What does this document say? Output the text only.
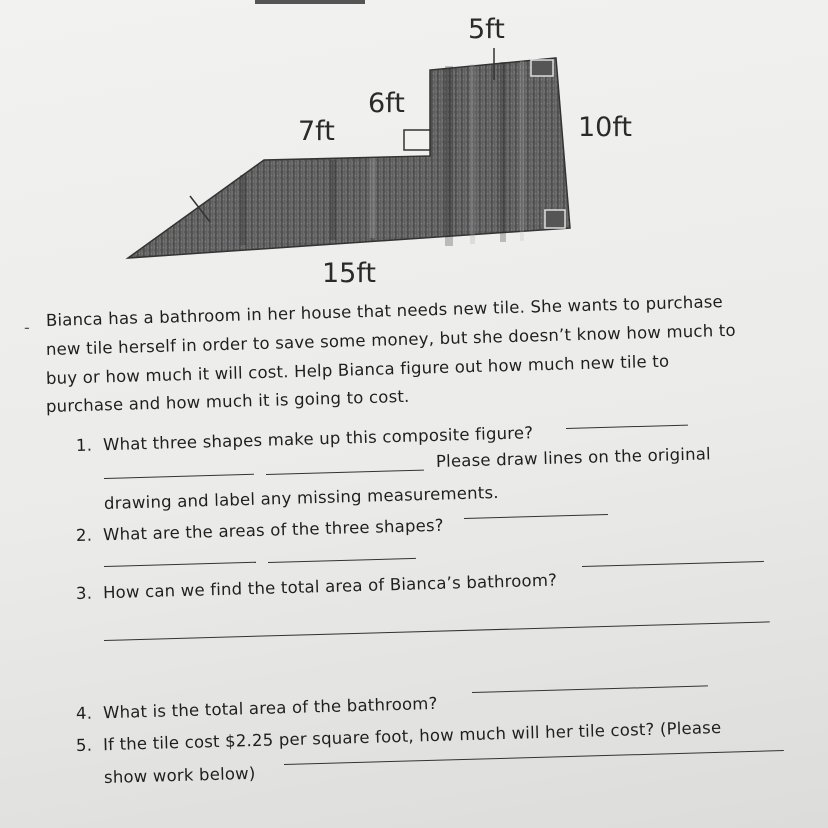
5ft
6ft
7ft	10ft
15ft
- Bianca has a bathroom in her house that needs new tile. She wants to purchase
new tile herself in order to save some money, but she doesn’t know how much to
buy or how much it will cost. Help Bianca figure out how much new tile to
purchase and how much it is going to cost.
1. What three shapes make up this composite figure?
Please draw lines on the original
drawing and label any missing measurements.
2. What are the areas of the three shapes?
3. How can we find the total area of Bianca’s bathroom?
4. What is the total area of the bathroom?
5. If the tile cost $2.25 per square foot, how much will her tile cost? (Please
show work below)
